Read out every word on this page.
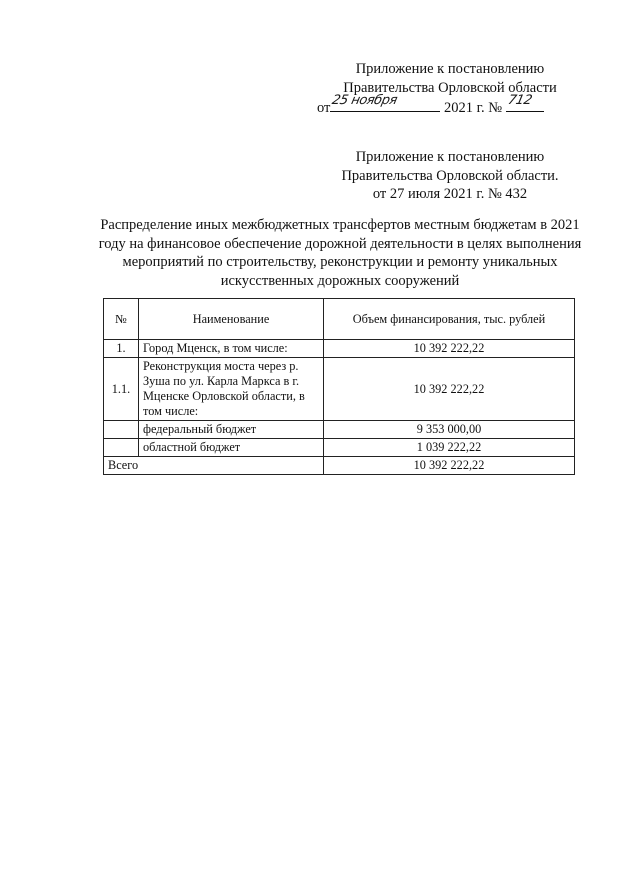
Приложение к постановлению
Правительства Орловской области
от 25 ноября	2021 г. № 712
Приложение к постановлению
Правительства Орловской области.
от 27 июля 2021 г. № 432
Распределение иных межбюджетных трансфертов местным бюджетам в 2021 году на финансовое обеспечение дорожной деятельности в целях выполнения мероприятий по строительству, реконструкции и ремонту уникальных искусственных дорожных сооружений
№	Наименование	Объем финансирования, тыс. рублей
1.	Город Мценск, в том числе:	10 392 222,22
1.1.	Реконструкция моста через р. Зуша по ул. Карла Маркса в г. Мценске Орловской области, в том числе:	10 392 222,22
	федеральный бюджет	9 353 000,00
	областной бюджет	1 039 222,22
Всего		10 392 222,22
